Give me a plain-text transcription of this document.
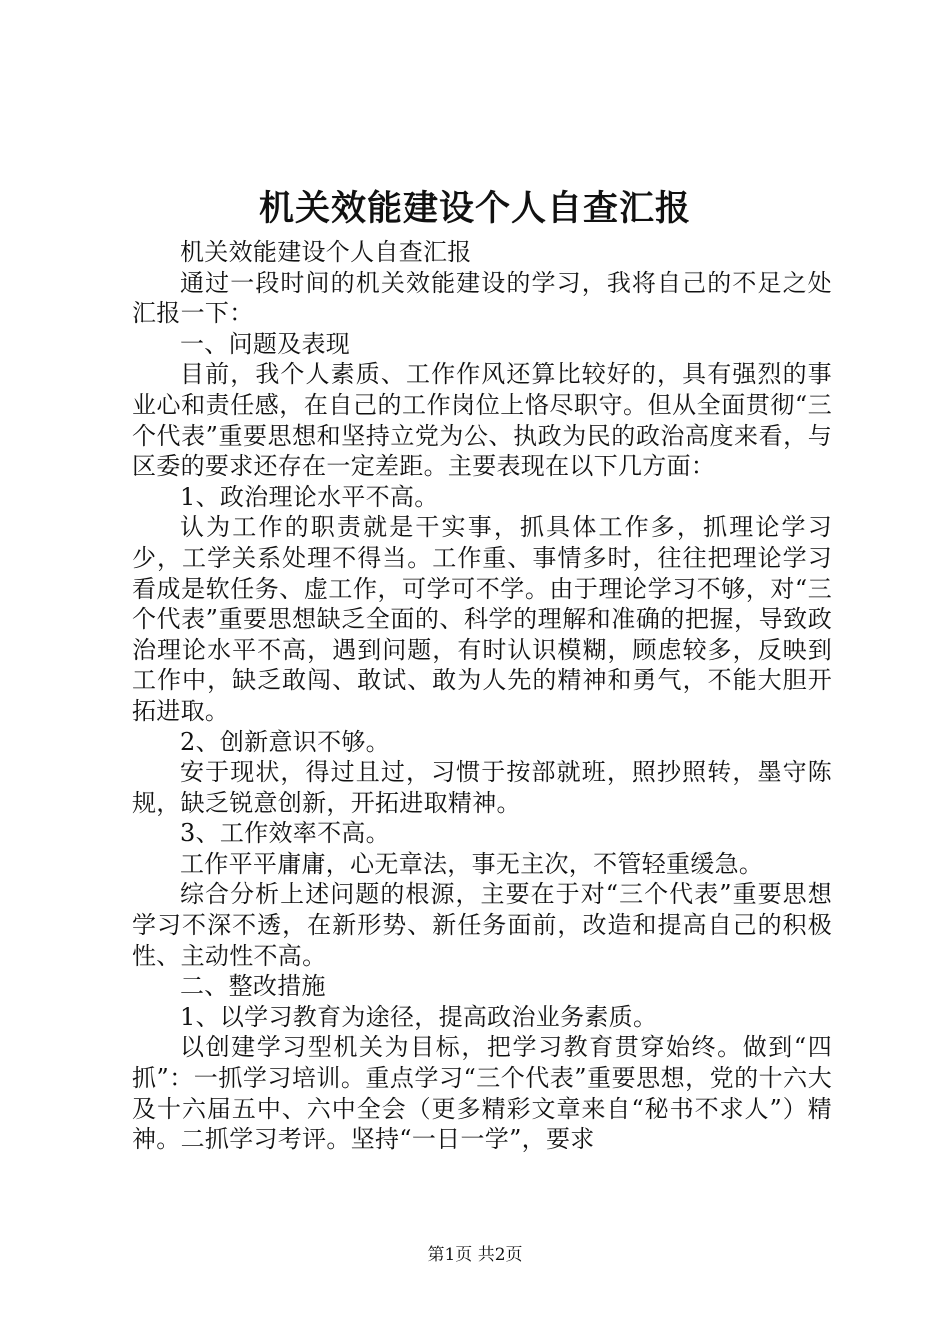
机关效能建设个人自查汇报

机关效能建设个人自查汇报

通过一段时间的机关效能建设的学习，我将自己的不足之处汇报一下：

一、问题及表现

目前，我个人素质、工作作风还算比较好的，具有强烈的事业心和责任感，在自己的工作岗位上恪尽职守。但从全面贯彻“三个代表”重要思想和坚持立党为公、执政为民的政治高度来看，与区委的要求还存在一定差距。主要表现在以下几方面：

1、政治理论水平不高。

认为工作的职责就是干实事，抓具体工作多，抓理论学习少，工学关系处理不得当。工作重、事情多时，往往把理论学习看成是软任务、虚工作，可学可不学。由于理论学习不够，对“三个代表”重要思想缺乏全面的、科学的理解和准确的把握，导致政治理论水平不高，遇到问题，有时认识模糊，顾虑较多，反映到工作中，缺乏敢闯、敢试、敢为人先的精神和勇气，不能大胆开拓进取。

2、创新意识不够。

安于现状，得过且过，习惯于按部就班，照抄照转，墨守陈规，缺乏锐意创新，开拓进取精神。

3、工作效率不高。

工作平平庸庸，心无章法，事无主次，不管轻重缓急。

综合分析上述问题的根源，主要在于对“三个代表”重要思想学习不深不透，在新形势、新任务面前，改造和提高自己的积极性、主动性不高。

二、整改措施

1、以学习教育为途径，提高政治业务素质。

以创建学习型机关为目标，把学习教育贯穿始终。做到“四抓”：一抓学习培训。重点学习“三个代表”重要思想，党的十六大及十六届五中、六中全会（更多精彩文章来自“秘书不求人”）精神。二抓学习考评。坚持“一日一学”，要求

第1页 共2页
